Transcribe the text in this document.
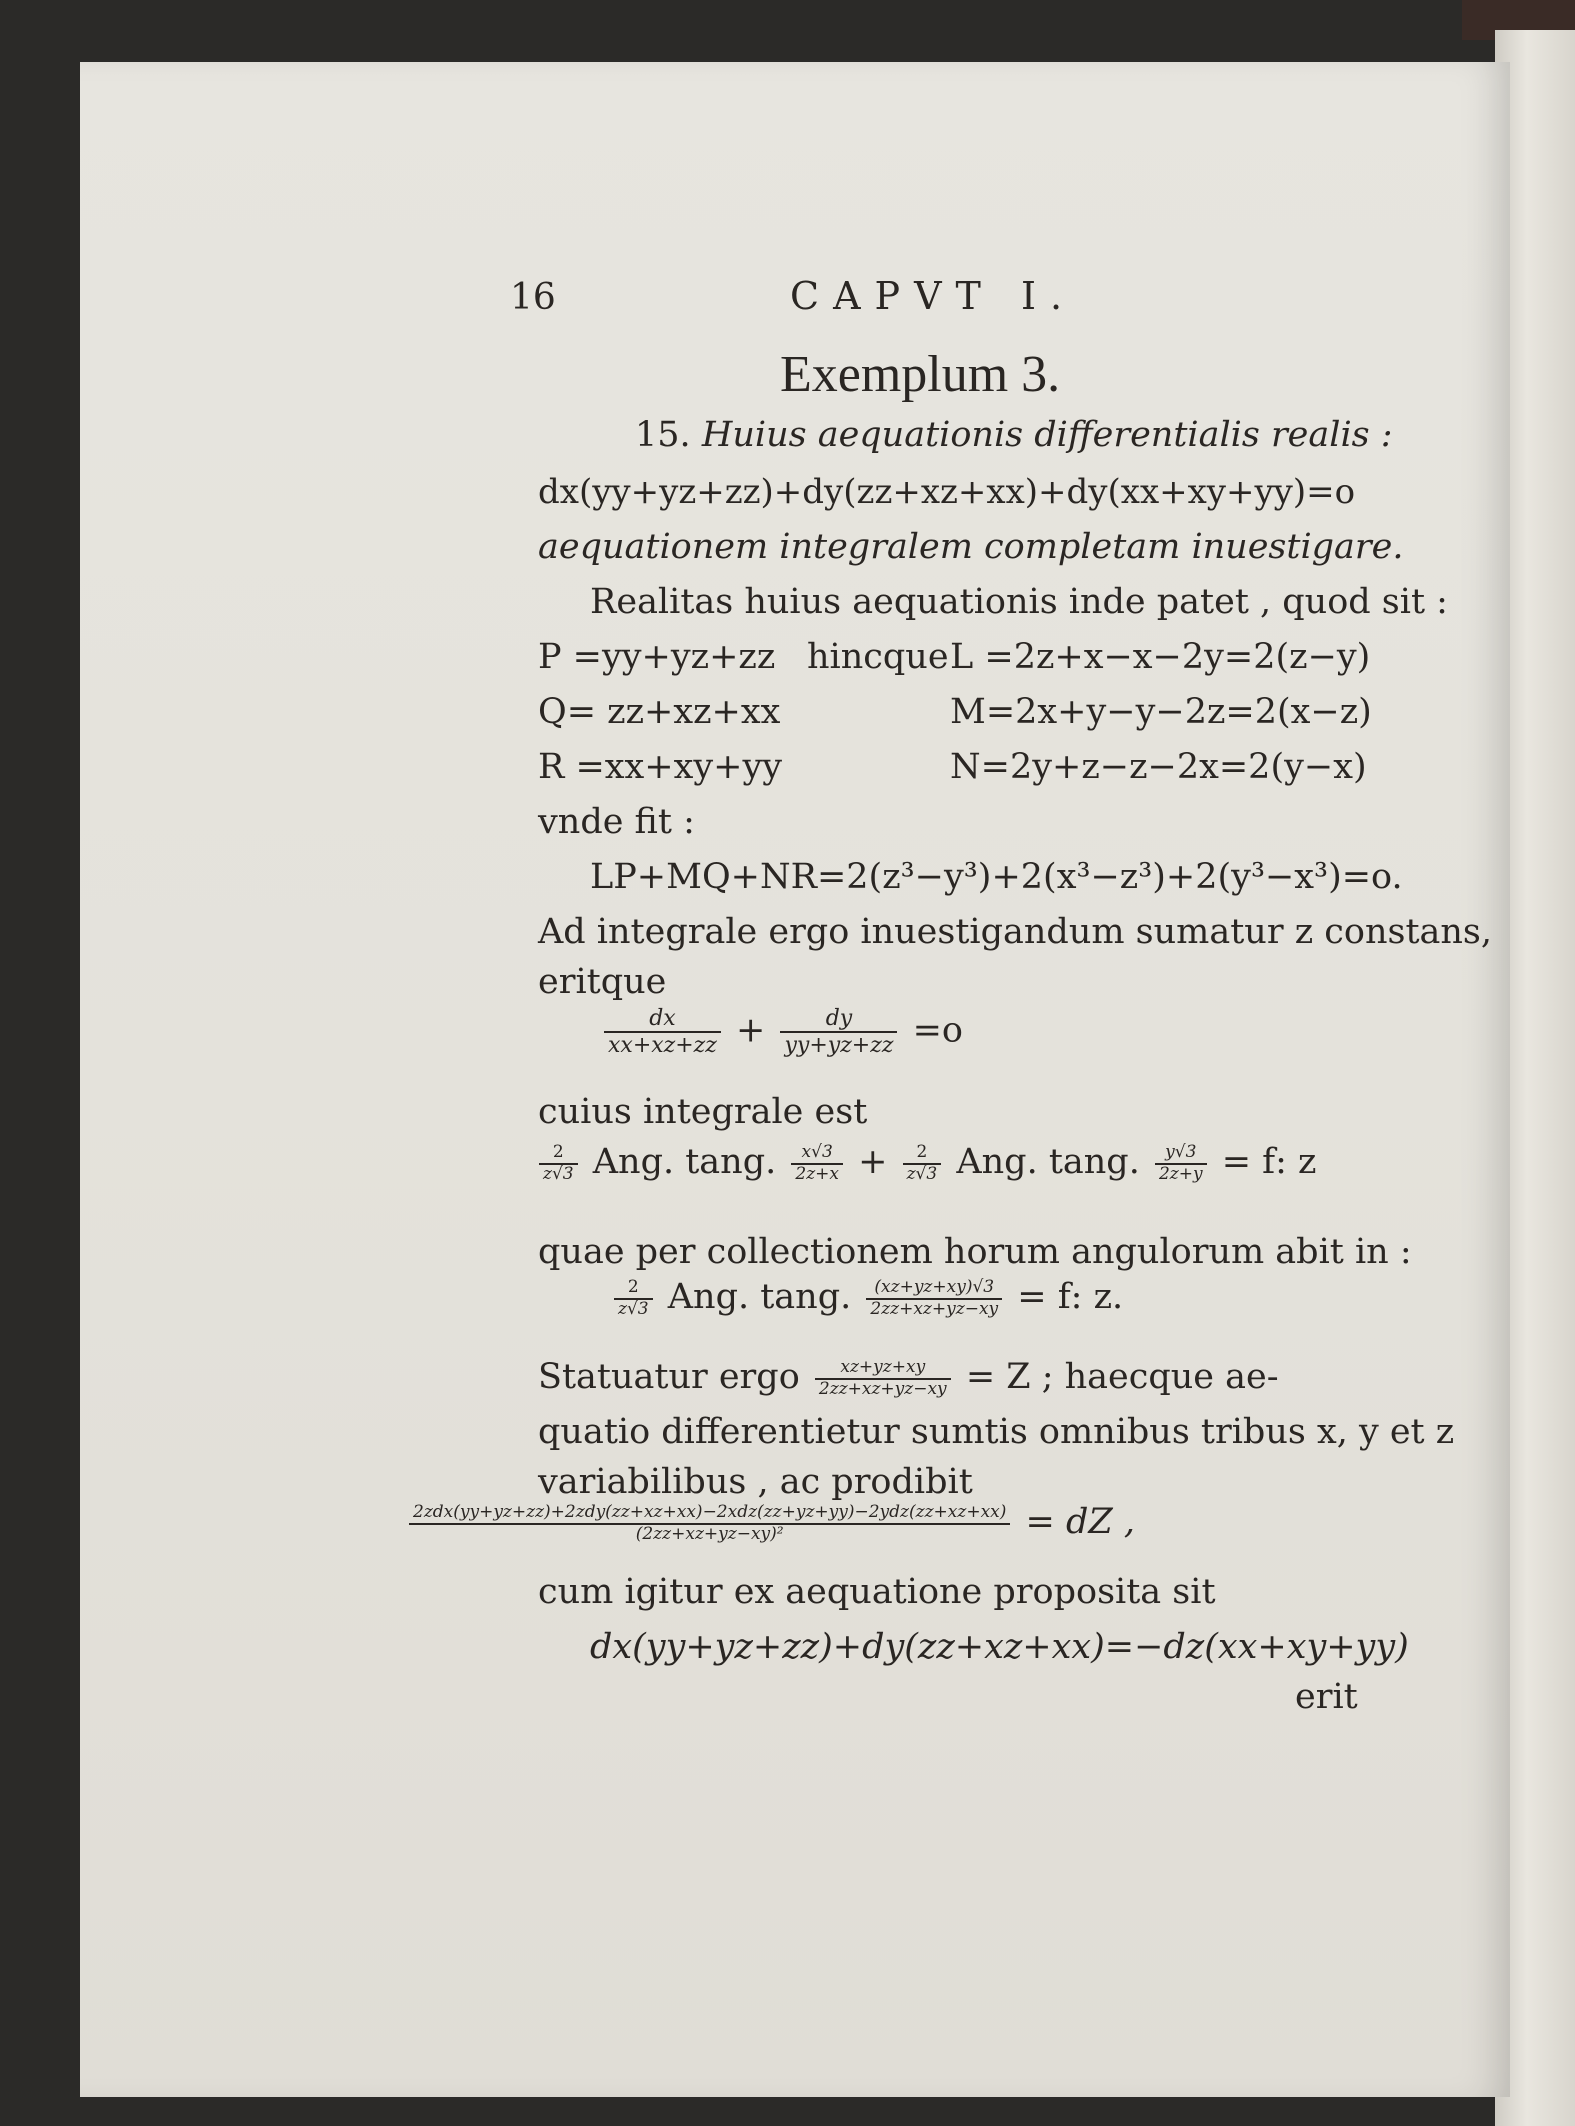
16	CAPVT I.
Exemplum 3.
15. Huius aequationis differentialis realis :
dx(yy+yz+zz)+dy(zz+xz+xx)+dy(xx+xy+yy)=o
aequationem integralem completam inuestigare.
Realitas huius aequationis inde patet , quod sit :
P =yy+yz+zz hincque L =2z+x−x−2y=2(z−y)
Q= zz+xz+xx	M=2x+y−y−2z=2(x−z)
R =xx+xy+yy	N=2y+z−z−2x=2(y−x)
vnde fit :
LP+MQ+NR=2(z³−y³)+2(x³−z³)+2(y³−x³)=o.
Ad integrale ergo inuestigandum sumatur z constans,
eritque
$\frac{dx}{xx+xz+zz} + \frac{dy}{yy+yz+zz} =o$
cuius integrale est
$\frac{2}{z√3}$ Ang. tang. $\frac{x√3}{2z+x} + \frac{2}{z√3}$ Ang. tang. $\frac{y√3}{2z+y} = f$: z
quae per collectionem horum angulorum abit in :
$\frac{2}{z√3}$ Ang. tang. $\frac{(xz+yz+xy)√3}{2zz+xz+yz-xy} = f$: z.
Statuatur ergo $\frac{xz+yz+xy}{2zz+xz+yz-xy} = Z$ ; haecque ae-
quatio differentietur sumtis omnibus tribus x, y et z
variabilibus , ac prodibit
$\frac{\text{2zdx(yy+yz+zz)+2zdy(zz+xz+xx)−2xdz(zz+yz+yy)−2ydz(zz+xz+xx)}}{\text{(2zz+xz+yz−xy)²}}$ = dZ ,
cum igitur ex aequatione proposita sit
dx(yy+yz+zz)+dy(zz+xz+xx)=−dz(xx+xy+yy)
erit
